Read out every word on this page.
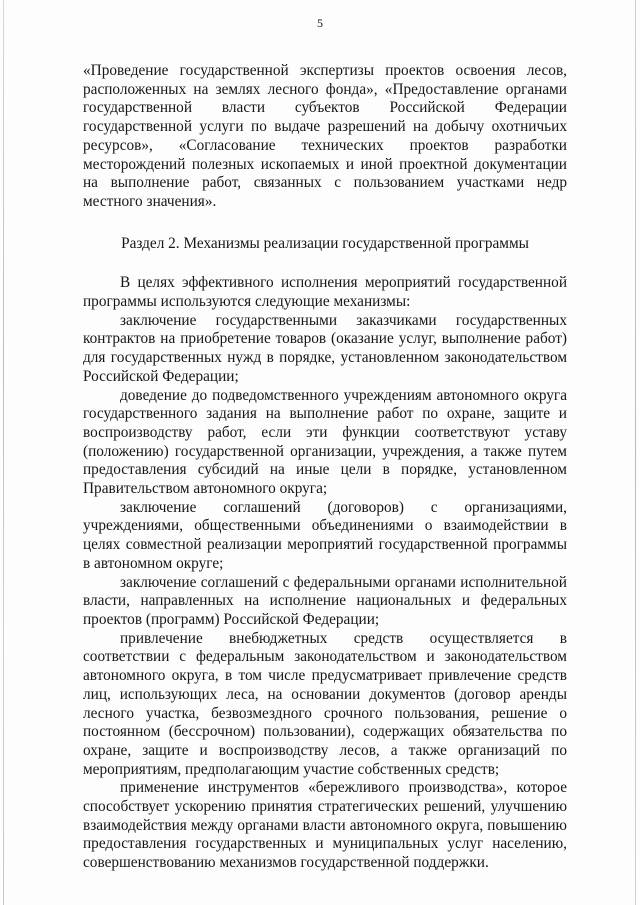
5

«Проведение государственной экспертизы проектов освоения лесов, расположенных на землях лесного фонда», «Предоставление органами государственной власти субъектов Российской Федерации государственной услуги по выдаче разрешений на добычу охотничьих ресурсов», «Согласование технических проектов разработки месторождений полезных ископаемых и иной проектной документации на выполнение работ, связанных с пользованием участками недр местного значения».

Раздел 2. Механизмы реализации государственной программы

В целях эффективного исполнения мероприятий государственной программы используются следующие механизмы:

заключение государственными заказчиками государственных контрактов на приобретение товаров (оказание услуг, выполнение работ) для государственных нужд в порядке, установленном законодательством Российской Федерации;

доведение до подведомственного учреждениям автономного округа государственного задания на выполнение работ по охране, защите и воспроизводству работ, если эти функции соответствуют уставу (положению) государственной организации, учреждения, а также путем предоставления субсидий на иные цели в порядке, установленном Правительством автономного округа;

заключение соглашений (договоров) с организациями, учреждениями, общественными объединениями о взаимодействии в целях совместной реализации мероприятий государственной программы в автономном округе;

заключение соглашений с федеральными органами исполнительной власти, направленных на исполнение национальных и федеральных проектов (программ) Российской Федерации;

привлечение внебюджетных средств осуществляется в соответствии с федеральным законодательством и законодательством автономного округа, в том числе предусматривает привлечение средств лиц, использующих леса, на основании документов (договор аренды лесного участка, безвозмездного срочного пользования, решение о постоянном (бессрочном) пользовании), содержащих обязательства по охране, защите и воспроизводству лесов, а также организаций по мероприятиям, предполагающим участие собственных средств;

применение инструментов «бережливого производства», которое способствует ускорению принятия стратегических решений, улучшению взаимодействия между органами власти автономного округа, повышению предоставления государственных и муниципальных услуг населению, совершенствованию механизмов государственной поддержки.
